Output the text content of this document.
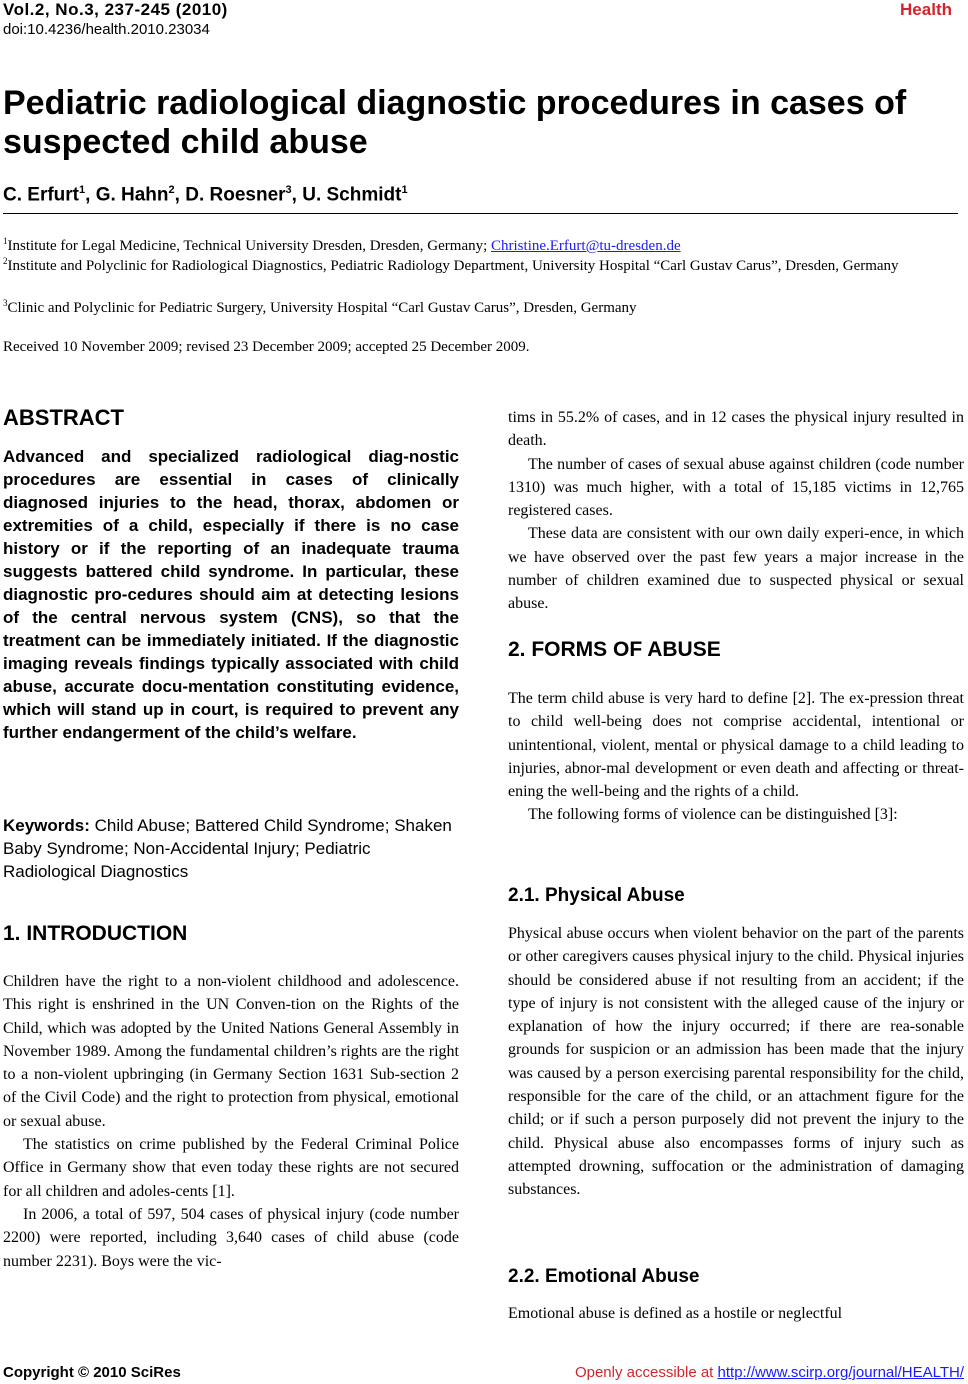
Vol.2, No.3, 237-245 (2010)
doi:10.4236/health.2010.23034
Health
Pediatric radiological diagnostic procedures in cases of suspected child abuse
C. Erfurt$^1$, G. Hahn$^2$, D. Roesner$^3$, U. Schmidt$^1$
$^1$Institute for Legal Medicine, Technical University Dresden, Dresden, Germany; Christine.Erfurt@tu-dresden.de
$^2$Institute and Polyclinic for Radiological Diagnostics, Pediatric Radiology Department, University Hospital “Carl Gustav Carus”, Dresden, Germany
$^3$Clinic and Polyclinic for Pediatric Surgery, University Hospital “Carl Gustav Carus”, Dresden, Germany
Received 10 November 2009; revised 23 December 2009; accepted 25 December 2009.
ABSTRACT
Advanced and specialized radiological diag-nostic procedures are essential in cases of clinically diagnosed injuries to the head, thorax, abdomen or extremities of a child, especially if there is no case history or if the reporting of an inadequate trauma suggests battered child syndrome. In particular, these diagnostic pro-cedures should aim at detecting lesions of the central nervous system (CNS), so that the treatment can be immediately initiated. If the diagnostic imaging reveals findings typically associated with child abuse, accurate docu-mentation constituting evidence, which will stand up in court, is required to prevent any further endangerment of the child’s welfare.
Keywords: Child Abuse; Battered Child Syndrome; Shaken Baby Syndrome; Non-Accidental Injury; Pediatric Radiological Diagnostics
1. INTRODUCTION

Children have the right to a non-violent childhood and adolescence. This right is enshrined in the UN Conven-tion on the Rights of the Child, which was adopted by the United Nations General Assembly in November 1989. Among the fundamental children’s rights are the right to a non-violent upbringing (in Germany Section 1631 Sub-section 2 of the Civil Code) and the right to protection from physical, emotional or sexual abuse.

The statistics on crime published by the Federal Criminal Police Office in Germany show that even today these rights are not secured for all children and adoles-cents [1].

In 2006, a total of 597, 504 cases of physical injury (code number 2200) were reported, including 3,640 cases of child abuse (code number 2231). Boys were the vic-

tims in 55.2% of cases, and in 12 cases the physical injury resulted in death.

The number of cases of sexual abuse against children (code number 1310) was much higher, with a total of 15,185 victims in 12,765 registered cases.

These data are consistent with our own daily experi-ence, in which we have observed over the past few years a major increase in the number of children examined due to suspected physical or sexual abuse.

2. FORMS OF ABUSE

The term child abuse is very hard to define [2]. The ex-pression threat to child well-being does not comprise accidental, intentional or unintentional, violent, mental or physical damage to a child leading to injuries, abnor-mal development or even death and affecting or threat-ening the well-being and the rights of a child.

The following forms of violence can be distinguished [3]:

2.1. Physical Abuse

Physical abuse occurs when violent behavior on the part of the parents or other caregivers causes physical injury to the child. Physical injuries should be considered abuse if not resulting from an accident; if the type of injury is not consistent with the alleged cause of the injury or explanation of how the injury occurred; if there are rea-sonable grounds for suspicion or an admission has been made that the injury was caused by a person exercising parental responsibility for the child, responsible for the care of the child, or an attachment figure for the child; or if such a person purposely did not prevent the injury to the child. Physical abuse also encompasses forms of injury such as attempted drowning, suffocation or the administration of damaging substances.

2.2. Emotional Abuse

Emotional abuse is defined as a hostile or neglectful

Copyright © 2010 SciRes	Openly accessible at http://www.scirp.org/journal/HEALTH/
